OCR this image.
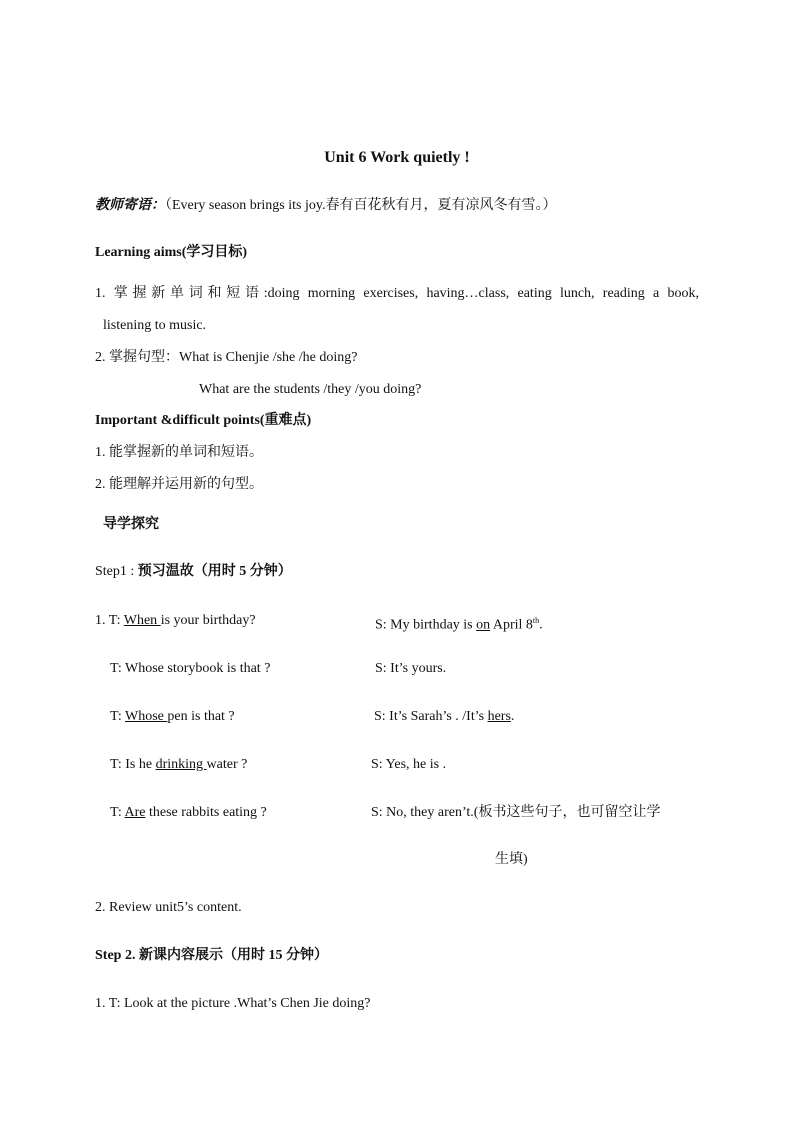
Unit 6 Work quietly !
教师寄语：（Every season brings its joy.春有百花秋有月，夏有凉风冬有雪。）
Learning aims(学习目标)
1. 掌握新单词和短语:doing morning exercises, having…class, eating lunch, reading a book,
listening to music.
2. 掌握句型：What is Chenjie /she /he doing?
What are the students /they /you doing?
Important &difficult points(重难点)
1. 能掌握新的单词和短语。
2. 能理解并运用新的句型。
导学探究
Step1 : 预习温故（用时 5 分钟）
1. T: When is your birthday?	S: My birthday is on April 8th.
T: Whose storybook is that ?	S: It’s yours.
T: Whose pen is that ?	S: It’s Sarah’s . /It’s hers.
T: Is he drinking water ?	S: Yes, he is .
T: Are these rabbits eating ?	S: No, they aren’t.(板书这些句子，也可留空让学
生填)
2. Review unit5’s content.
Step 2. 新课内容展示（用时 15 分钟）
1. T: Look at the picture .What’s Chen Jie doing?
